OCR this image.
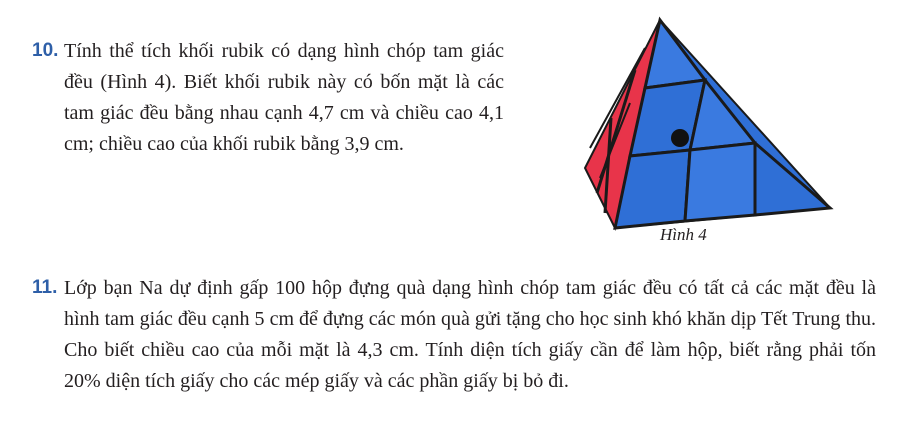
10. Tính thể tích khối rubik có dạng hình chóp tam giác đều (Hình 4). Biết khối rubik này có bốn mặt là các tam giác đều bằng nhau cạnh 4,7 cm và chiều cao 4,1 cm; chiều cao của khối rubik bằng 3,9 cm.
Hình 4
11. Lớp bạn Na dự định gấp 100 hộp đựng quà dạng hình chóp tam giác đều có tất cả các mặt đều là hình tam giác đều cạnh 5 cm để đựng các món quà gửi tặng cho học sinh khó khăn dịp Tết Trung thu. Cho biết chiều cao của mỗi mặt là 4,3 cm. Tính diện tích giấy cần để làm hộp, biết rằng phải tốn 20% diện tích giấy cho các mép giấy và các phần giấy bị bỏ đi.
